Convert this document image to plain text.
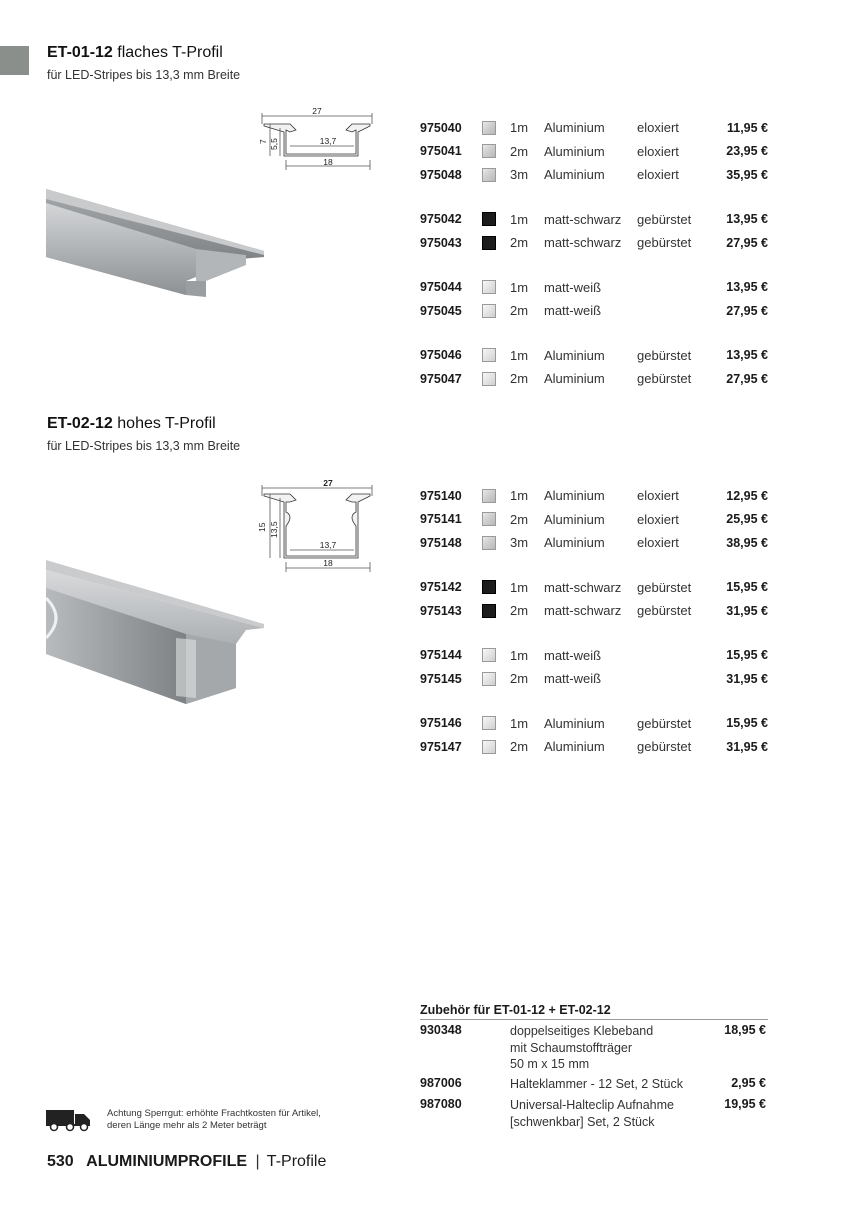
ET-01-12 flaches T-Profil
für LED-Stripes bis 13,3 mm Breite
27
13,7
18
7 5,5
975040	1m	Aluminium	eloxiert	11,95 €
975041	2m	Aluminium	eloxiert	23,95 €
975048	3m	Aluminium	eloxiert	35,95 €
975042	1m	matt-schwarz	gebürstet	13,95 €
975043	2m	matt-schwarz	gebürstet	27,95 €
975044	1m	matt-weiß	13,95 €
975045	2m	matt-weiß	27,95 €
975046	1m	Aluminium	gebürstet	13,95 €
975047	2m	Aluminium	gebürstet	27,95 €
ET-02-12 hohes T-Profil
für LED-Stripes bis 13,3 mm Breite
27
13,7
18
15 13,5
975140	1m	Aluminium	eloxiert	12,95 €
975141	2m	Aluminium	eloxiert	25,95 €
975148	3m	Aluminium	eloxiert	38,95 €
975142	1m	matt-schwarz	gebürstet	15,95 €
975143	2m	matt-schwarz	gebürstet	31,95 €
975144	1m	matt-weiß	15,95 €
975145	2m	matt-weiß	31,95 €
975146	1m	Aluminium	gebürstet	15,95 €
975147	2m	Aluminium	gebürstet	31,95 €
Zubehör für ET-01-12 + ET-02-12
930348	doppelseitiges Klebeband
mit Schaumstoffträger
50 m x 15 mm
18,95 €
987006	Halteklammer - 12 Set, 2 Stück	2,95 €
987080	Universal-Halteclip Aufnahme
[schwenkbar] Set, 2 Stück
19,95 €
Achtung Sperrgut: erhöhte Frachtkosten für Artikel,
deren Länge mehr als 2 Meter beträgt
530 ALUMINIUMPROFILE | T-Profile
